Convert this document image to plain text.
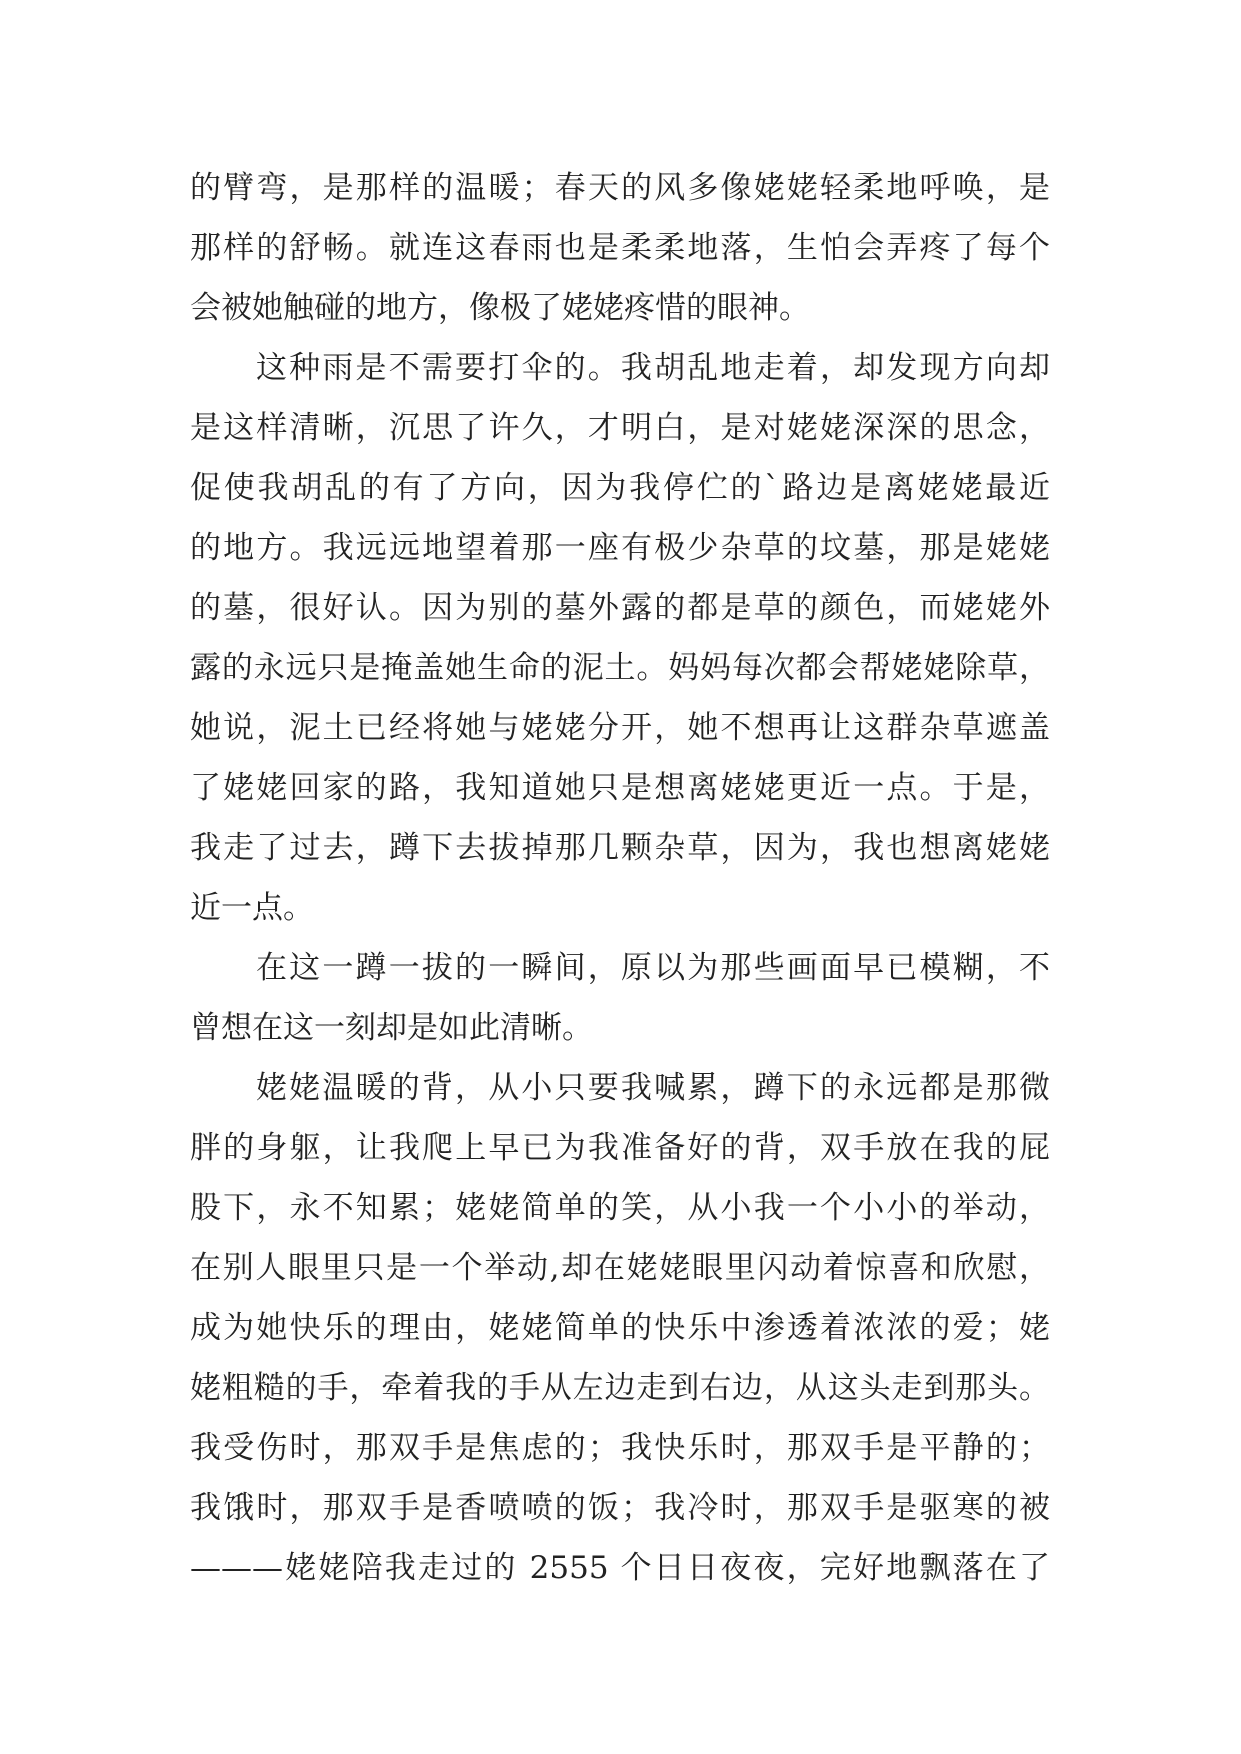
的臂弯，是那样的温暖；春天的风多像姥姥轻柔地呼唤，是
那样的舒畅。就连这春雨也是柔柔地落，生怕会弄疼了每个
会被她触碰的地方，像极了姥姥疼惜的眼神。
这种雨是不需要打伞的。我胡乱地走着，却发现方向却
是这样清晰，沉思了许久，才明白，是对姥姥深深的思念，
促使我胡乱的有了方向，因为我停伫的`路边是离姥姥最近
的地方。我远远地望着那一座有极少杂草的坟墓，那是姥姥
的墓，很好认。因为别的墓外露的都是草的颜色，而姥姥外
露的永远只是掩盖她生命的泥土。妈妈每次都会帮姥姥除草，
她说，泥土已经将她与姥姥分开，她不想再让这群杂草遮盖
了姥姥回家的路，我知道她只是想离姥姥更近一点。于是，
我走了过去，蹲下去拔掉那几颗杂草，因为，我也想离姥姥
近一点。
在这一蹲一拔的一瞬间，原以为那些画面早已模糊，不
曾想在这一刻却是如此清晰。
姥姥温暖的背，从小只要我喊累，蹲下的永远都是那微
胖的身躯，让我爬上早已为我准备好的背，双手放在我的屁
股下，永不知累；姥姥简单的笑，从小我一个小小的举动，
在别人眼里只是一个举动,却在姥姥眼里闪动着惊喜和欣慰，
成为她快乐的理由，姥姥简单的快乐中渗透着浓浓的爱；姥
姥粗糙的手，牵着我的手从左边走到右边，从这头走到那头。
我受伤时，那双手是焦虑的；我快乐时，那双手是平静的；
我饿时，那双手是香喷喷的饭；我冷时，那双手是驱寒的被
———姥姥陪我走过的 2555 个日日夜夜，完好地飘落在了
